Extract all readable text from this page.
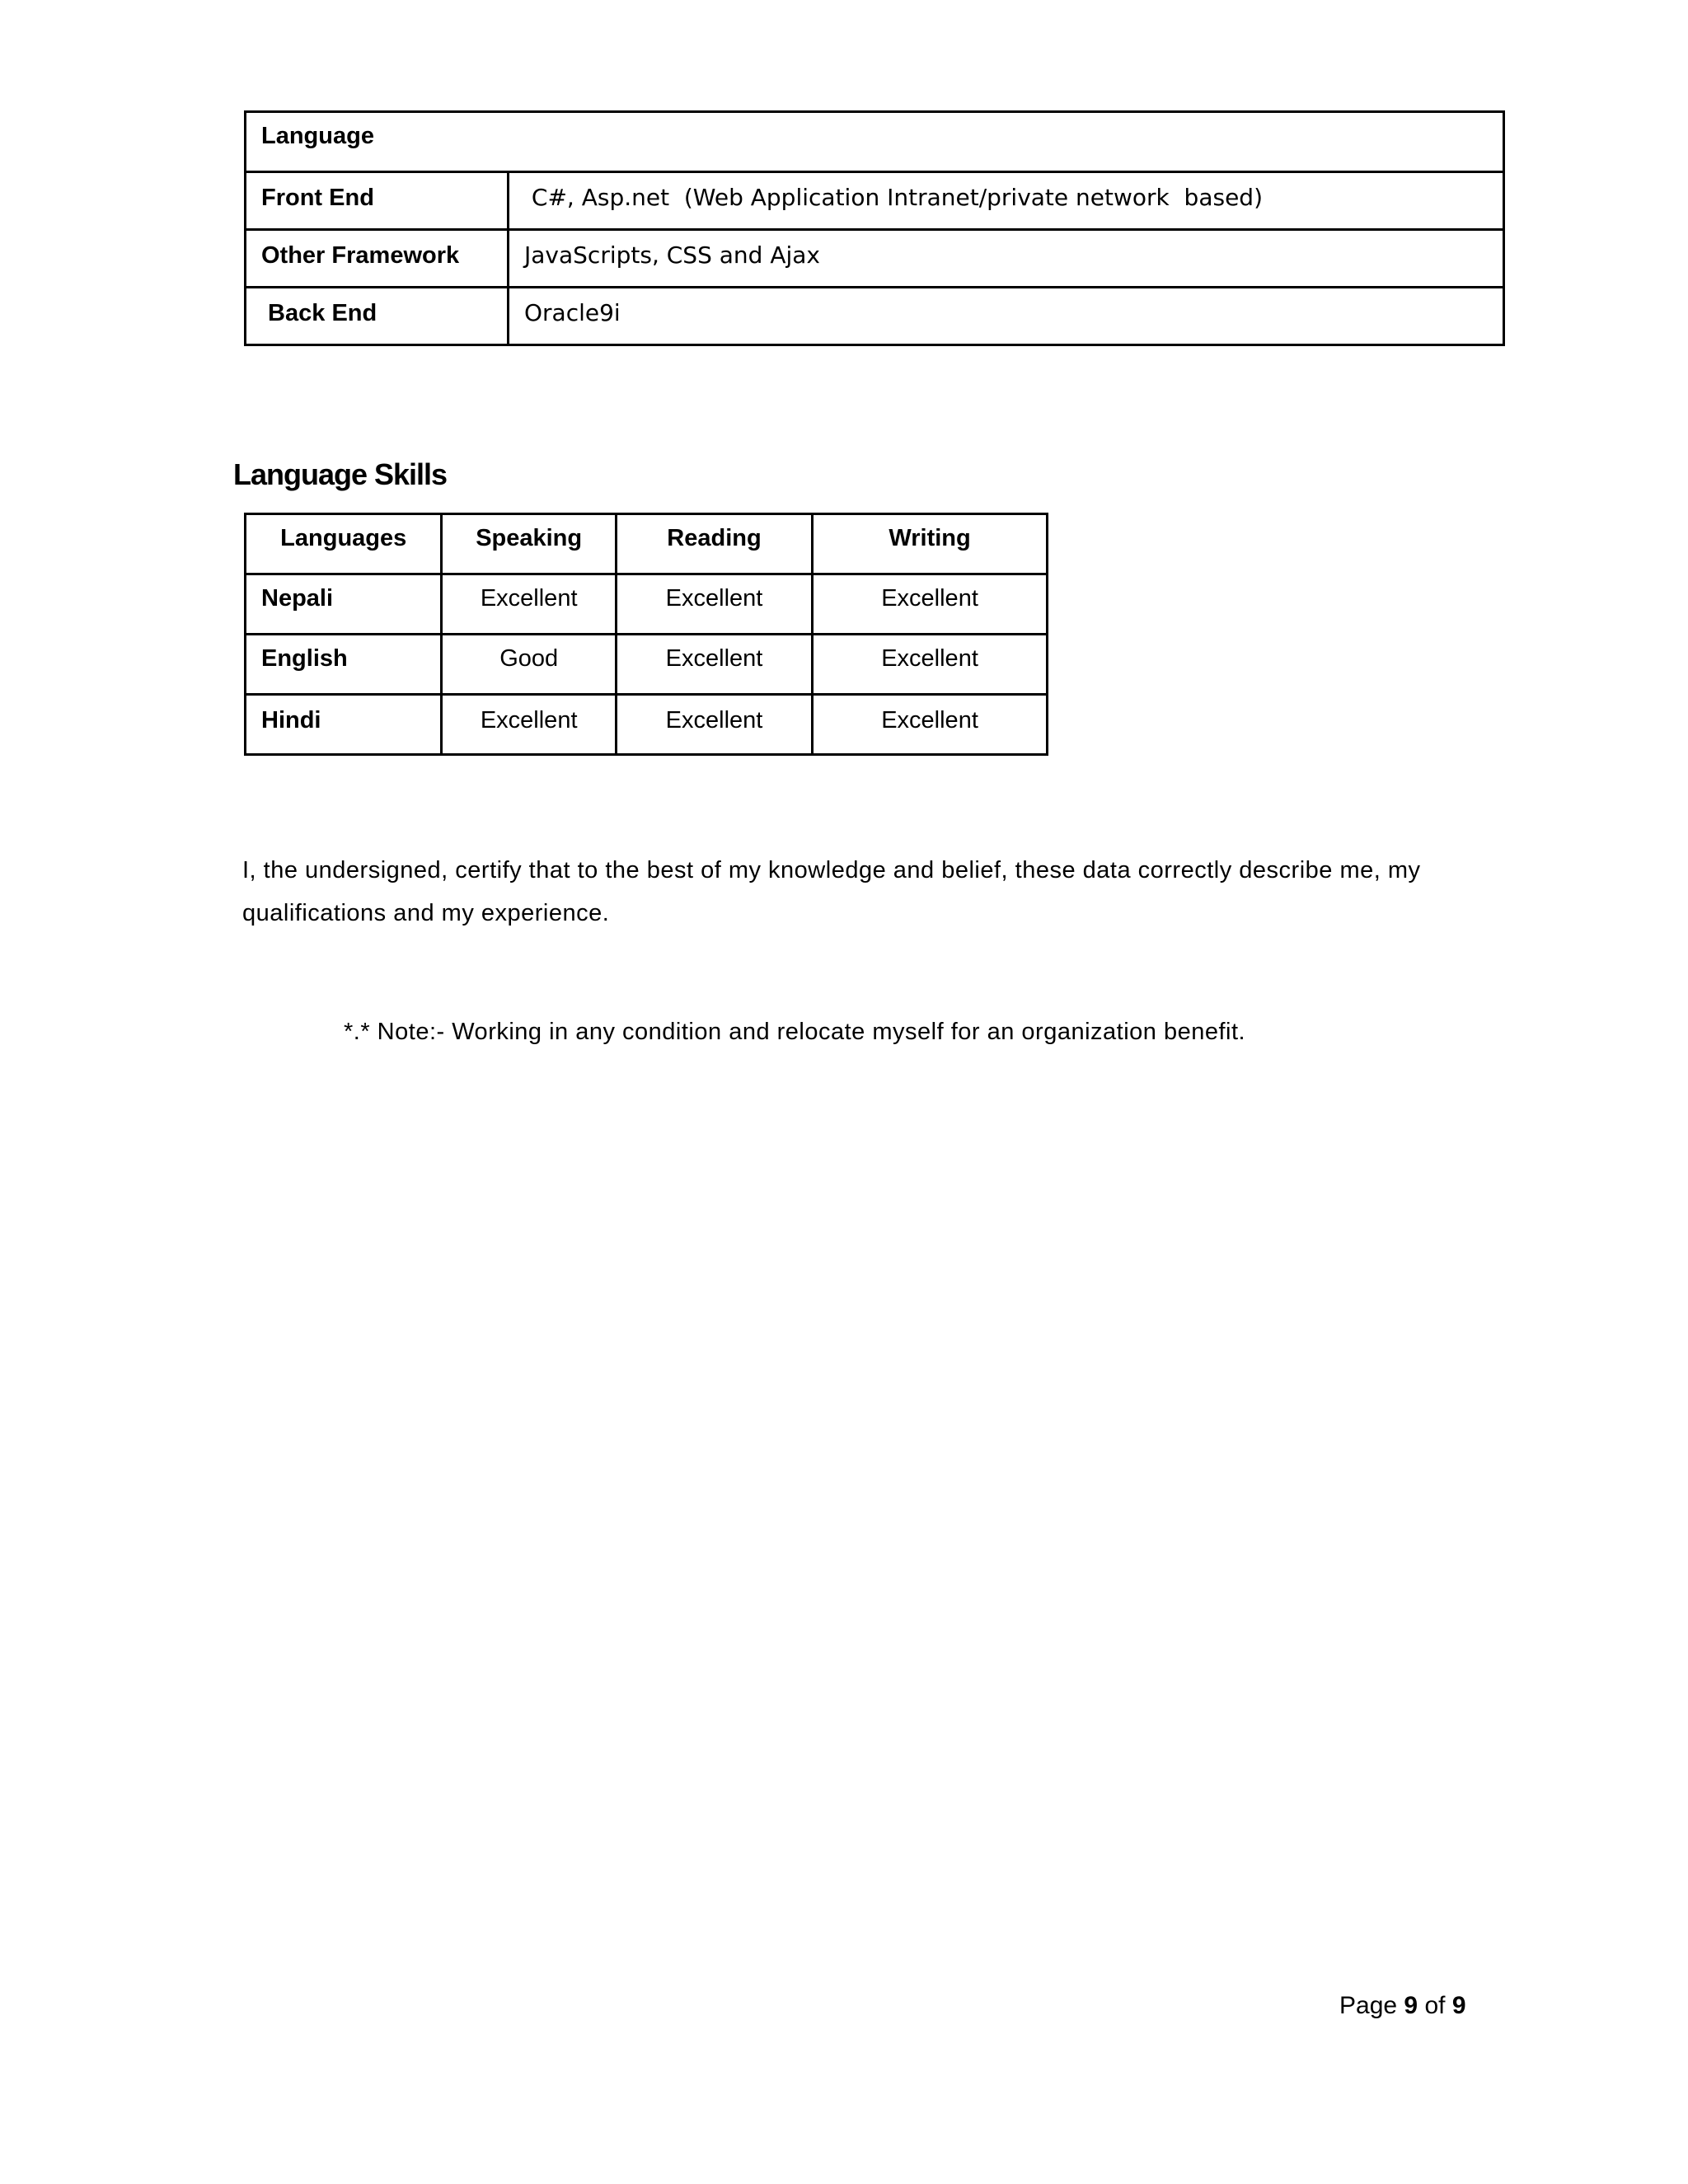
Language	
Front End	C#, Asp.net  (Web Application Intranet/private network  based)
Other Framework	JavaScripts, CSS and Ajax
Back End	Oracle9i
Language Skills
Languages	Speaking	Reading	Writing
Nepali	Excellent	Excellent	Excellent
English	Good	Excellent	Excellent
Hindi	Excellent	Excellent	Excellent
I, the undersigned, certify that to the best of my knowledge and belief, these data correctly describe me, my qualifications and my experience.
*.* Note:- Working in any condition and relocate myself for an organization benefit.
Page 9 of 9
